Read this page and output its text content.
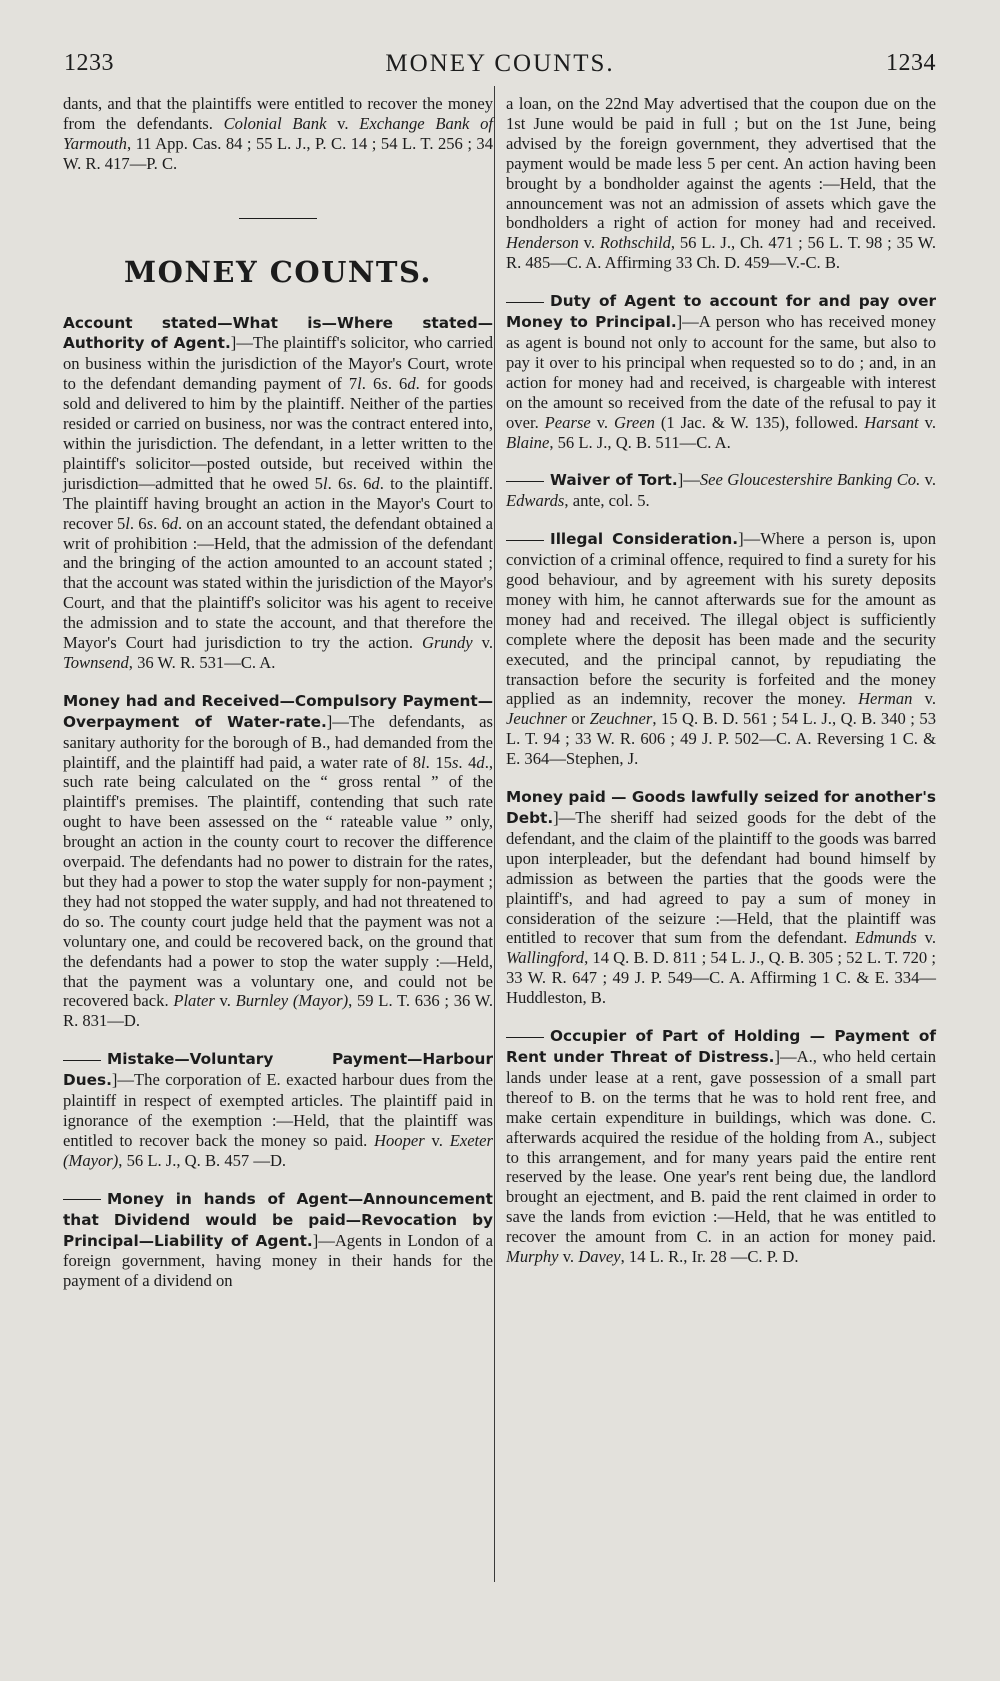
1233	MONEY COUNTS.	1234

dants, and that the plaintiffs were entitled to recover the money from the defendants. Colonial Bank v. Exchange Bank of Yarmouth, 11 App. Cas. 84 ; 55 L. J., P. C. 14 ; 54 L. T. 256 ; 34 W. R. 417—P. C.

MONEY COUNTS.

Account stated—What is—Where stated—Authority of Agent.]—The plaintiff's solicitor, who carried on business within the jurisdiction of the Mayor's Court, wrote to the defendant demanding payment of 7l. 6s. 6d. for goods sold and delivered to him by the plaintiff. Neither of the parties resided or carried on business, nor was the contract entered into, within the jurisdiction. The defendant, in a letter written to the plaintiff's solicitor—posted outside, but received within the jurisdiction—admitted that he owed 5l. 6s. 6d. to the plaintiff. The plaintiff having brought an action in the Mayor's Court to recover 5l. 6s. 6d. on an account stated, the defendant obtained a writ of prohibition :—Held, that the admission of the defendant and the bringing of the action amounted to an account stated ; that the account was stated within the jurisdiction of the Mayor's Court, and that the plaintiff's solicitor was his agent to receive the admission and to state the account, and that therefore the Mayor's Court had jurisdiction to try the action. Grundy v. Townsend, 36 W. R. 531—C. A.

Money had and Received—Compulsory Payment—Overpayment of Water-rate.]—The defendants, as sanitary authority for the borough of B., had demanded from the plaintiff, and the plaintiff had paid, a water rate of 8l. 15s. 4d., such rate being calculated on the “ gross rental ” of the plaintiff's premises. The plaintiff, contending that such rate ought to have been assessed on the “ rateable value ” only, brought an action in the county court to recover the difference overpaid. The defendants had no power to distrain for the rates, but they had a power to stop the water supply for non-payment ; they had not stopped the water supply, and had not threatened to do so. The county court judge held that the payment was not a voluntary one, and could be recovered back, on the ground that the defendants had a power to stop the water supply :—Held, that the payment was a voluntary one, and could not be recovered back. Plater v. Burnley (Mayor), 59 L. T. 636 ; 36 W. R. 831—D.

Mistake—Voluntary Payment—Harbour Dues.]—The corporation of E. exacted harbour dues from the plaintiff in respect of exempted articles. The plaintiff paid in ignorance of the exemption :—Held, that the plaintiff was entitled to recover back the money so paid. Hooper v. Exeter (Mayor), 56 L. J., Q. B. 457 —D.

Money in hands of Agent—Announcement that Dividend would be paid—Revocation by Principal—Liability of Agent.]—Agents in London of a foreign government, having money in their hands for the payment of a dividend on

a loan, on the 22nd May advertised that the coupon due on the 1st June would be paid in full ; but on the 1st June, being advised by the foreign government, they advertised that the payment would be made less 5 per cent. An action having been brought by a bondholder against the agents :—Held, that the announcement was not an admission of assets which gave the bondholders a right of action for money had and received. Henderson v. Rothschild, 56 L. J., Ch. 471 ; 56 L. T. 98 ; 35 W. R. 485—C. A. Affirming 33 Ch. D. 459—V.-C. B.

Duty of Agent to account for and pay over Money to Principal.]—A person who has received money as agent is bound not only to account for the same, but also to pay it over to his principal when requested so to do ; and, in an action for money had and received, is chargeable with interest on the amount so received from the date of the refusal to pay it over. Pearse v. Green (1 Jac. & W. 135), followed. Harsant v. Blaine, 56 L. J., Q. B. 511—C. A.

Waiver of Tort.]—See Gloucestershire Banking Co. v. Edwards, ante, col. 5.

Illegal Consideration.]—Where a person is, upon conviction of a criminal offence, required to find a surety for his good behaviour, and by agreement with his surety deposits money with him, he cannot afterwards sue for the amount as money had and received. The illegal object is sufficiently complete where the deposit has been made and the security executed, and the principal cannot, by repudiating the transaction before the security is forfeited and the money applied as an indemnity, recover the money. Herman v. Jeuchner or Zeuchner, 15 Q. B. D. 561 ; 54 L. J., Q. B. 340 ; 53 L. T. 94 ; 33 W. R. 606 ; 49 J. P. 502—C. A. Reversing 1 C. & E. 364—Stephen, J.

Money paid — Goods lawfully seized for another's Debt.]—The sheriff had seized goods for the debt of the defendant, and the claim of the plaintiff to the goods was barred upon interpleader, but the defendant had bound himself by admission as between the parties that the goods were the plaintiff's, and had agreed to pay a sum of money in consideration of the seizure :—Held, that the plaintiff was entitled to recover that sum from the defendant. Edmunds v. Wallingford, 14 Q. B. D. 811 ; 54 L. J., Q. B. 305 ; 52 L. T. 720 ; 33 W. R. 647 ; 49 J. P. 549—C. A. Affirming 1 C. & E. 334—Huddleston, B.

Occupier of Part of Holding — Payment of Rent under Threat of Distress.]—A., who held certain lands under lease at a rent, gave possession of a small part thereof to B. on the terms that he was to hold rent free, and make certain expenditure in buildings, which was done. C. afterwards acquired the residue of the holding from A., subject to this arrangement, and for many years paid the entire rent reserved by the lease. One year's rent being due, the landlord brought an ejectment, and B. paid the rent claimed in order to save the lands from eviction :—Held, that he was entitled to recover the amount from C. in an action for money paid. Murphy v. Davey, 14 L. R., Ir. 28 —C. P. D.
